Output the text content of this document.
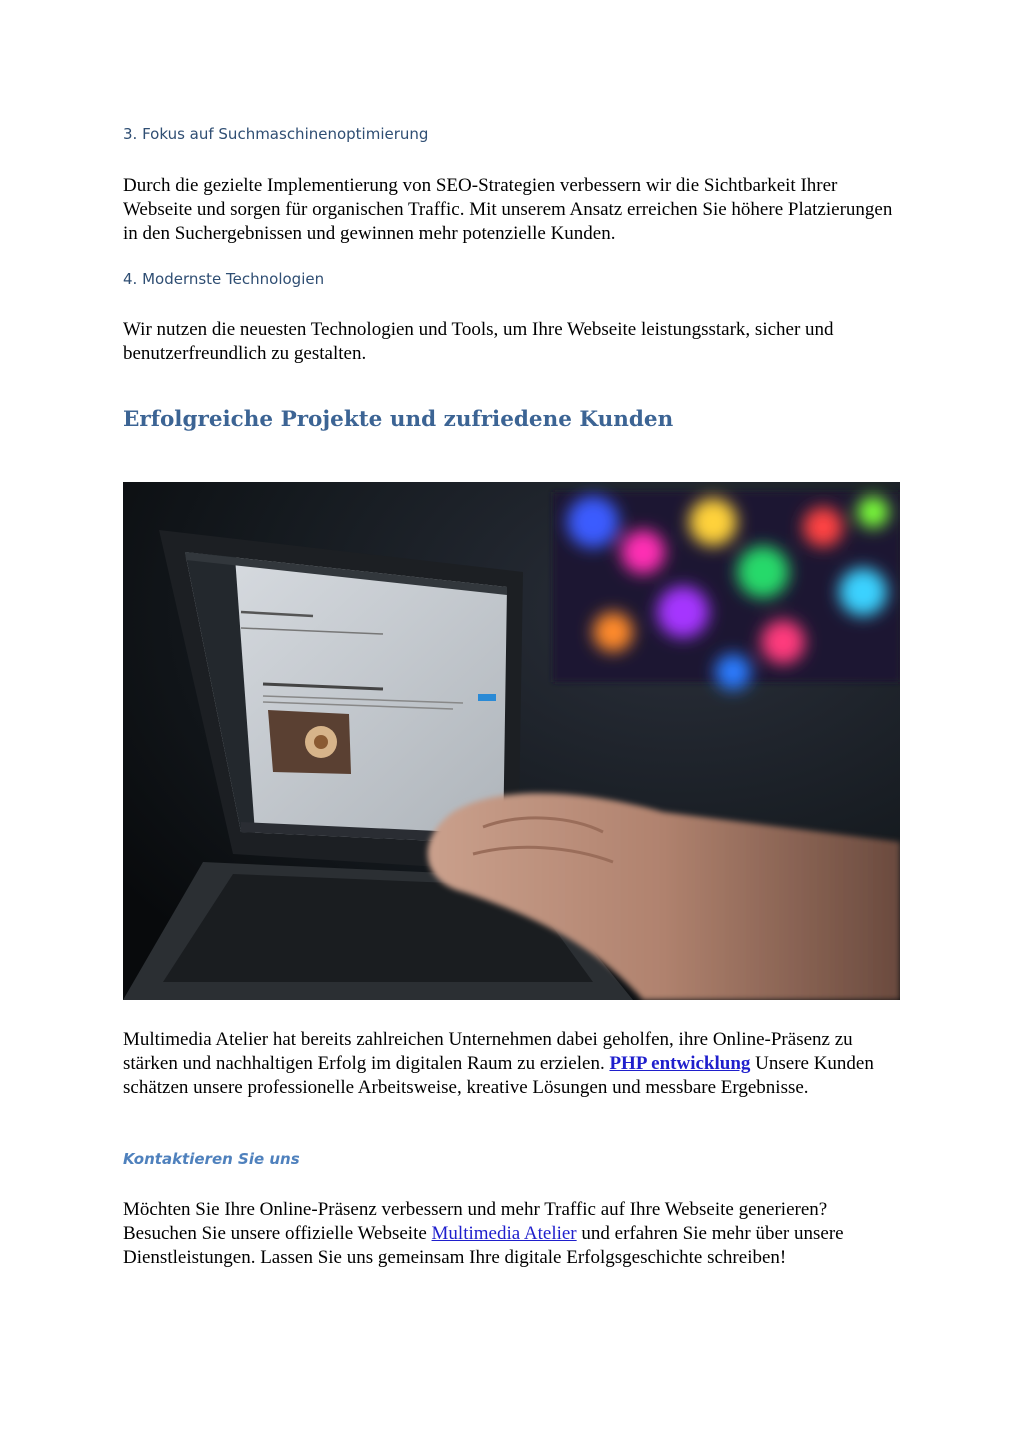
3. Fokus auf Suchmaschinenoptimierung

Durch die gezielte Implementierung von SEO-Strategien verbessern wir die Sichtbarkeit Ihrer Webseite und sorgen für organischen Traffic. Mit unserem Ansatz erreichen Sie höhere Platzierungen in den Suchergebnissen und gewinnen mehr potenzielle Kunden.

4. Modernste Technologien

Wir nutzen die neuesten Technologien und Tools, um Ihre Webseite leistungsstark, sicher und benutzerfreundlich zu gestalten.

Erfolgreiche Projekte und zufriedene Kunden

Multimedia Atelier hat bereits zahlreichen Unternehmen dabei geholfen, ihre Online-Präsenz zu stärken und nachhaltigen Erfolg im digitalen Raum zu erzielen. PHP entwicklung Unsere Kunden schätzen unsere professionelle Arbeitsweise, kreative Lösungen und messbare Ergebnisse.

Kontaktieren Sie uns

Möchten Sie Ihre Online-Präsenz verbessern und mehr Traffic auf Ihre Webseite generieren? Besuchen Sie unsere offizielle Webseite Multimedia Atelier und erfahren Sie mehr über unsere Dienstleistungen. Lassen Sie uns gemeinsam Ihre digitale Erfolgsgeschichte schreiben!
